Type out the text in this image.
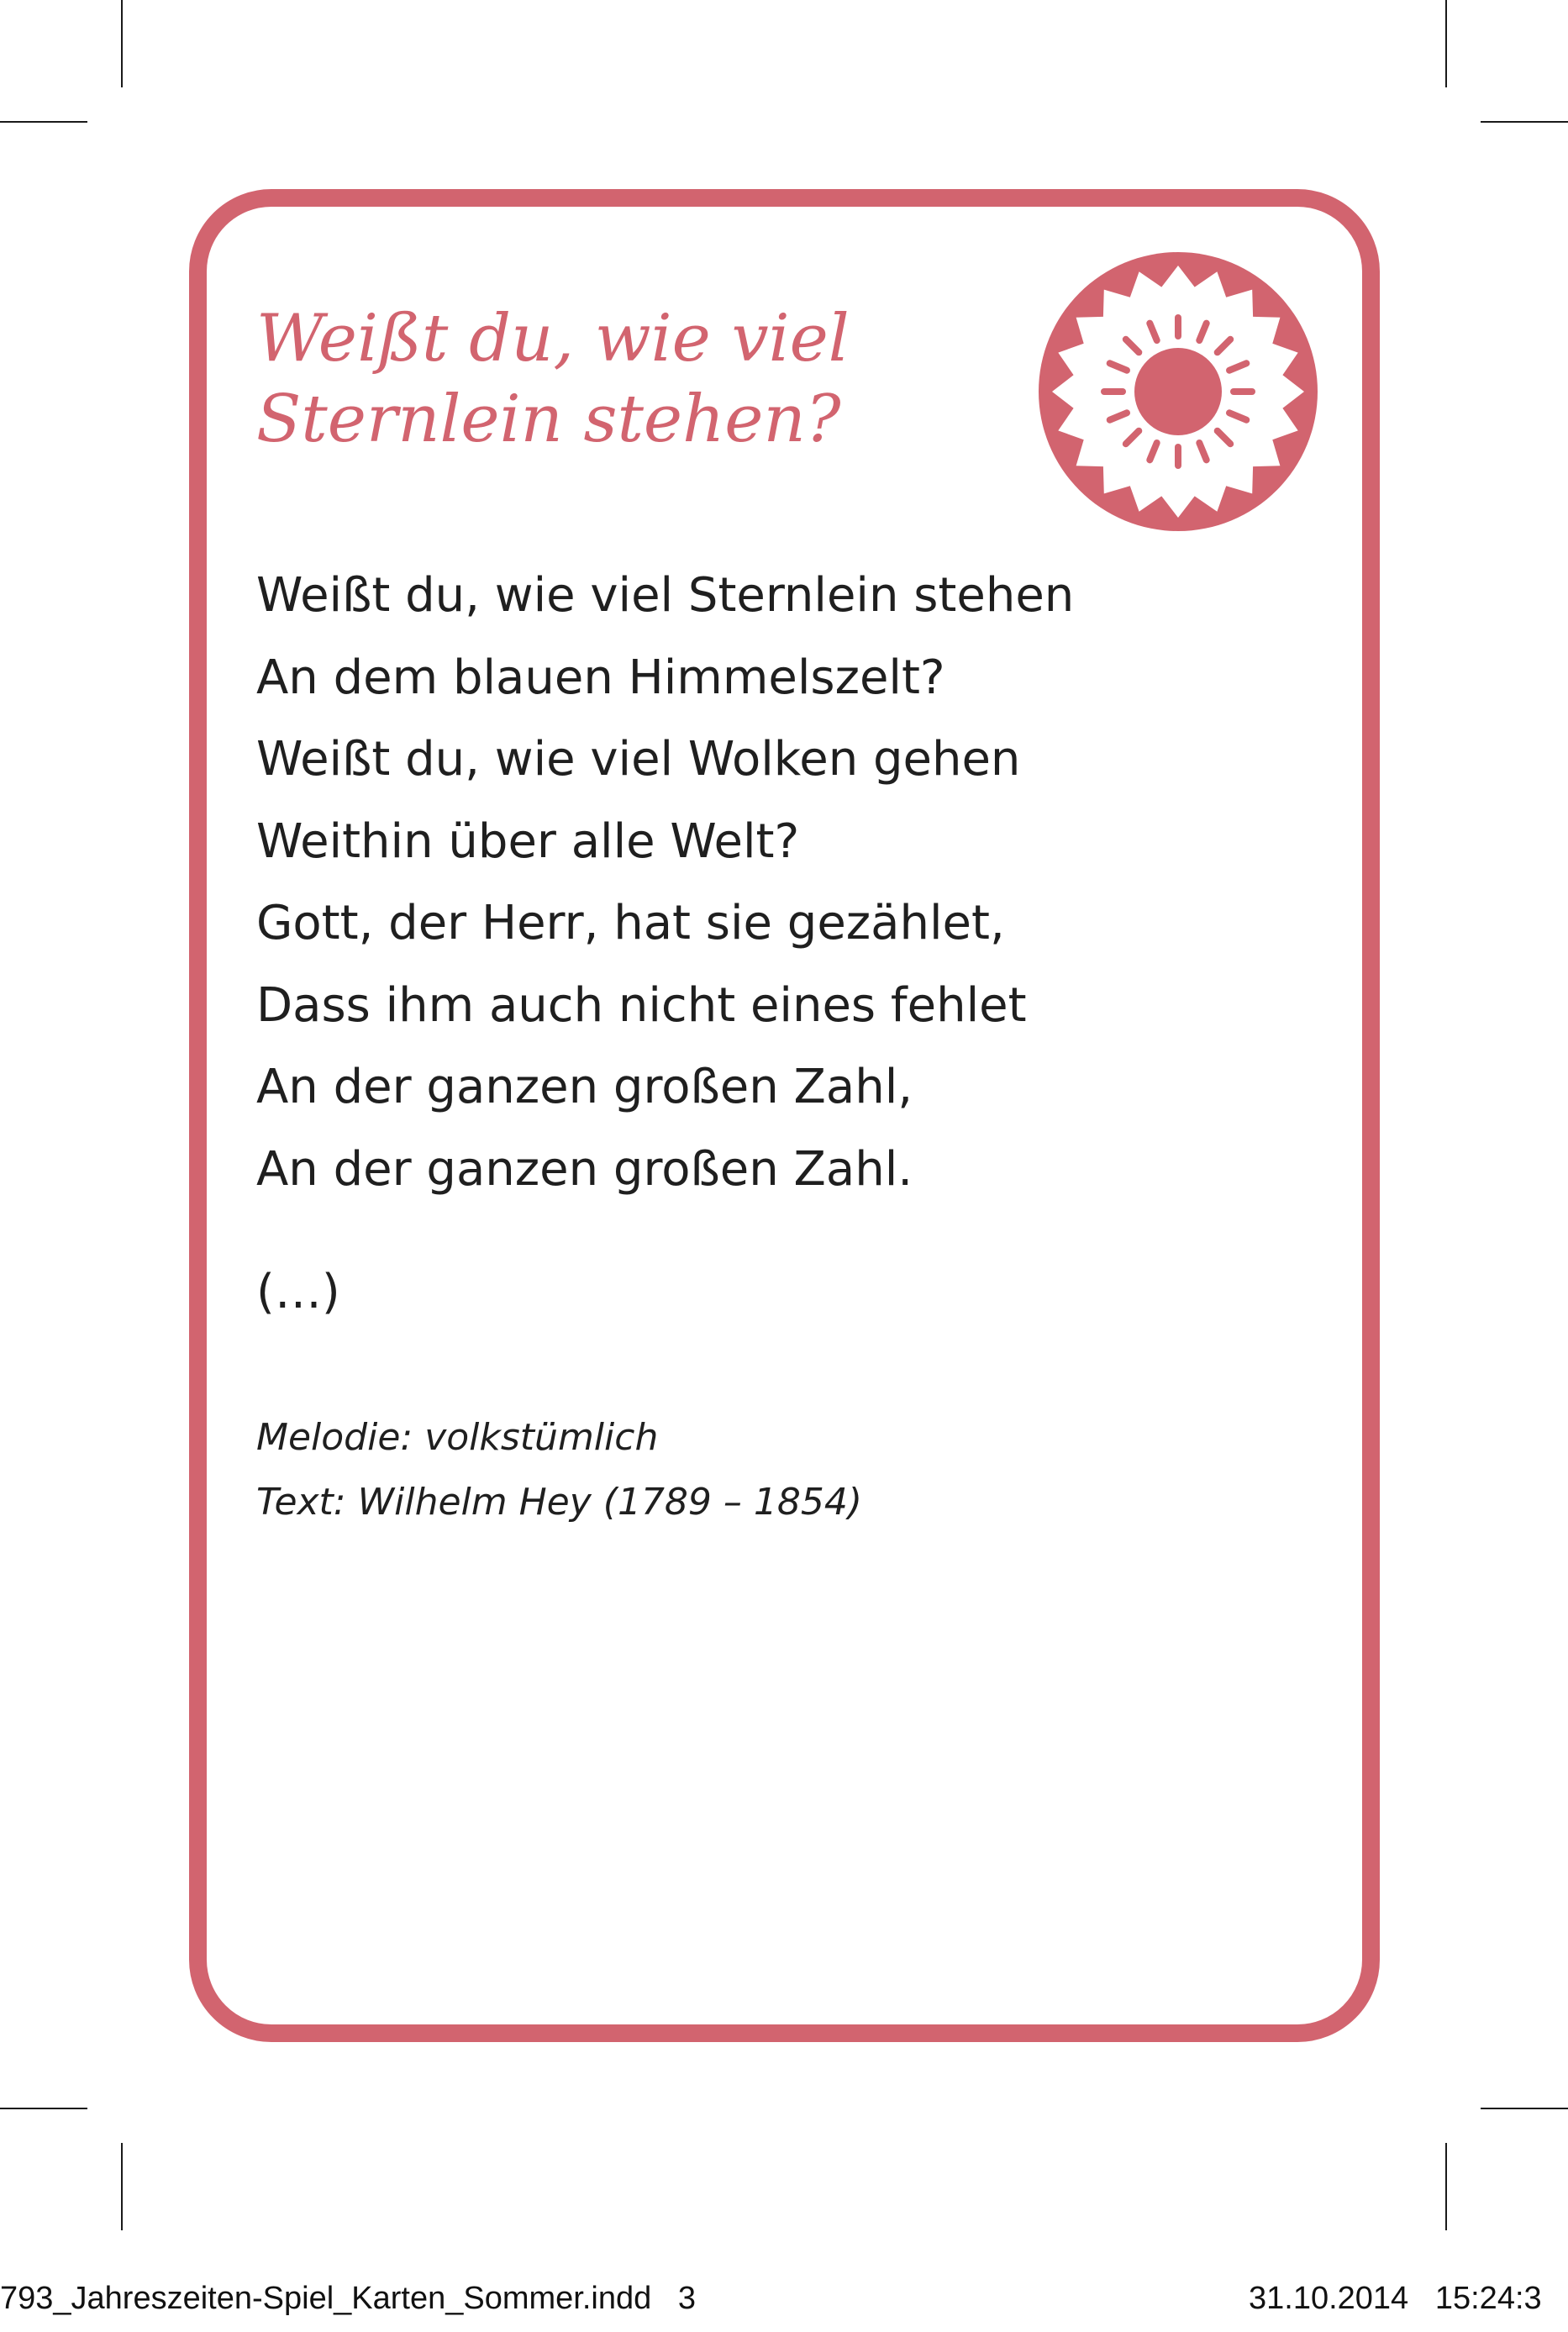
Weißt du, wie viel
Sternlein stehen?
Weißt du, wie viel Sternlein stehen
An dem blauen Himmelszelt?
Weißt du, wie viel Wolken gehen
Weithin über alle Welt?
Gott, der Herr, hat sie gezählet,
Dass ihm auch nicht eines fehlet
An der ganzen großen Zahl,
An der ganzen großen Zahl.
(…)
Melodie: volkstümlich
Text: Wilhelm Hey (1789 – 1854)
793_Jahreszeiten-Spiel_Karten_Sommer.indd   3	31.10.2014   15:24:3
